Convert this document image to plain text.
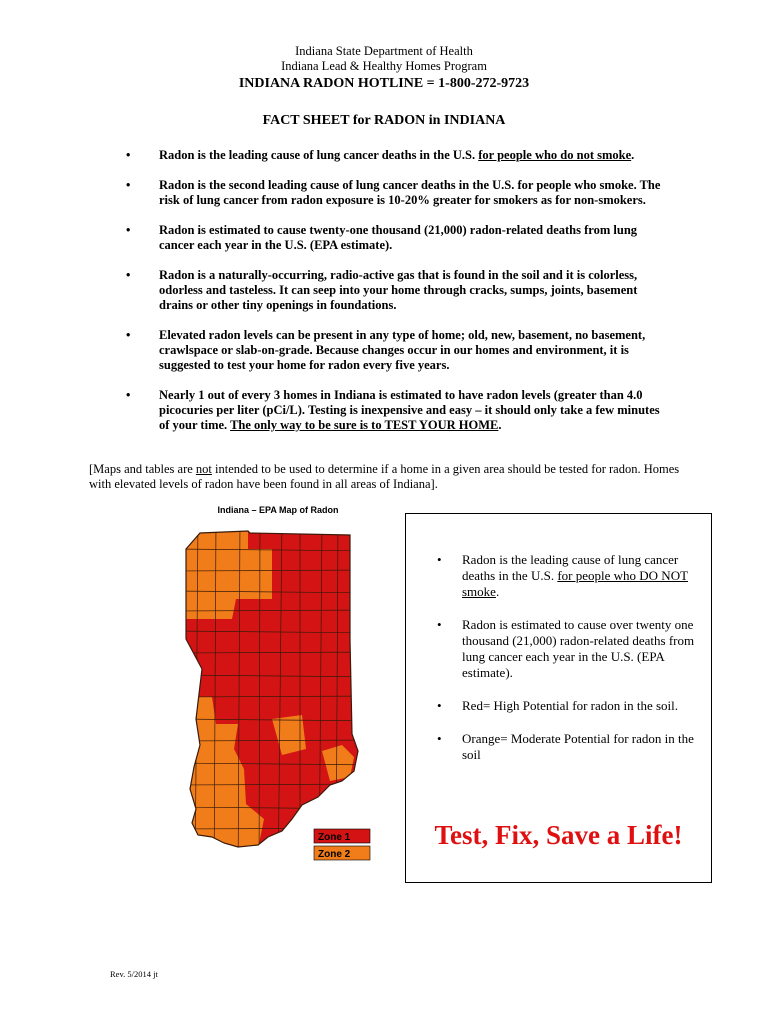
Indiana State Department of Health
Indiana Lead & Healthy Homes Program
INDIANA RADON HOTLINE = 1-800-272-9723
FACT SHEET for RADON in INDIANA
• Radon is the leading cause of lung cancer deaths in the U.S. for people who do not smoke.
• Radon is the second leading cause of lung cancer deaths in the U.S. for people who smoke. The risk of lung cancer from radon exposure is 10-20% greater for smokers as for non-smokers.
• Radon is estimated to cause twenty-one thousand (21,000) radon-related deaths from lung cancer each year in the U.S. (EPA estimate).
• Radon is a naturally-occurring, radio-active gas that is found in the soil and it is colorless, odorless and tasteless. It can seep into your home through cracks, sumps, joints, basement drains or other tiny openings in foundations.
• Elevated radon levels can be present in any type of home; old, new, basement, no basement, crawlspace or slab-on-grade. Because changes occur in our homes and environment, it is suggested to test your home for radon every five years.
• Nearly 1 out of every 3 homes in Indiana is estimated to have radon levels (greater than 4.0 picocuries per liter (pCi/L). Testing is inexpensive and easy – it should only take a few minutes of your time. The only way to be sure is to TEST YOUR HOME.
[Maps and tables are not intended to be used to determine if a home in a given area should be tested for radon. Homes with elevated levels of radon have been found in all areas of Indiana].
Indiana – EPA Map of Radon
Zone 1
Zone 2
• Radon is the leading cause of lung cancer deaths in the U.S. for people who DO NOT smoke.
• Radon is estimated to cause over twenty one thousand (21,000) radon-related deaths from lung cancer each year in the U.S. (EPA estimate).
• Red= High Potential for radon in the soil.
• Orange= Moderate Potential for radon in the soil
Test, Fix, Save a Life!
Rev. 5/2014 jt
